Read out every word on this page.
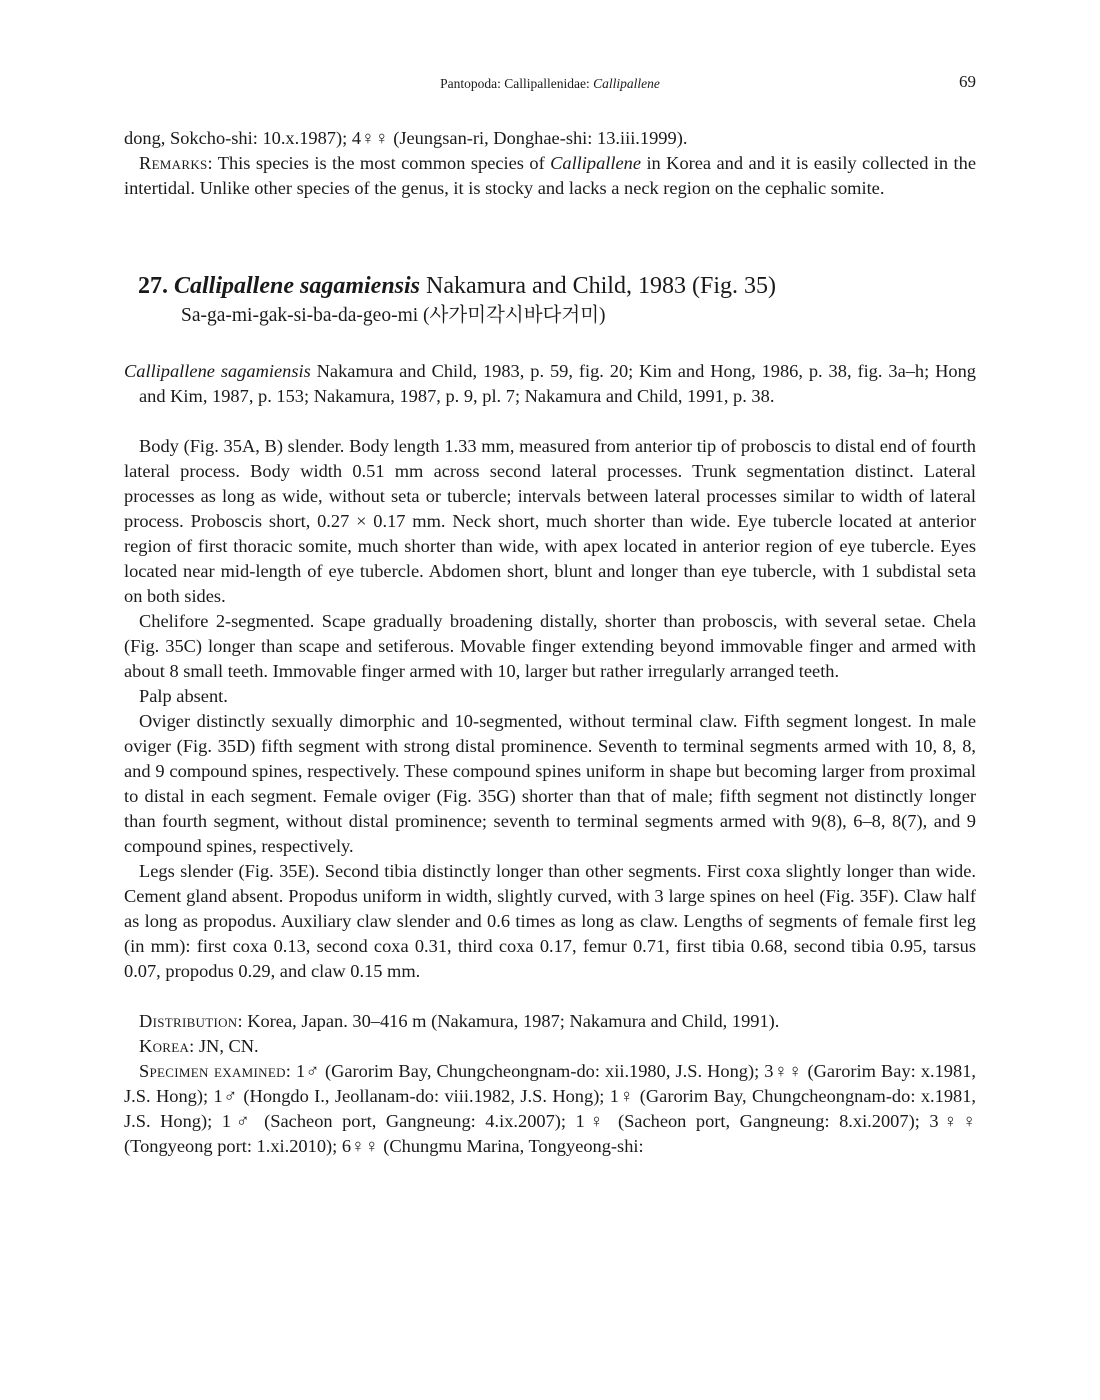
Pantopoda: Callipallenidae: Callipallene	69

dong, Sokcho-shi: 10.x.1987); 4♀♀ (Jeungsan-ri, Donghae-shi: 13.iii.1999).

Remarks: This species is the most common species of Callipallene in Korea and and it is easily collected in the intertidal. Unlike other species of the genus, it is stocky and lacks a neck region on the cephalic somite.

27. Callipallene sagamiensis Nakamura and Child, 1983 (Fig. 35)
Sa-ga-mi-gak-si-ba-da-geo-mi (사가미각시바다거미)

Callipallene sagamiensis Nakamura and Child, 1983, p. 59, fig. 20; Kim and Hong, 1986, p. 38, fig. 3a–h; Hong and Kim, 1987, p. 153; Nakamura, 1987, p. 9, pl. 7; Nakamura and Child, 1991, p. 38.

Body (Fig. 35A, B) slender. Body length 1.33 mm, measured from anterior tip of proboscis to distal end of fourth lateral process. Body width 0.51 mm across second lateral processes. Trunk segmentation distinct. Lateral processes as long as wide, without seta or tubercle; intervals between lateral processes similar to width of lateral process. Proboscis short, 0.27 × 0.17 mm. Neck short, much shorter than wide. Eye tubercle located at anterior region of first thoracic somite, much shorter than wide, with apex located in anterior region of eye tubercle. Eyes located near mid-length of eye tubercle. Abdomen short, blunt and longer than eye tubercle, with 1 subdistal seta on both sides.

Chelifore 2-segmented. Scape gradually broadening distally, shorter than proboscis, with several setae. Chela (Fig. 35C) longer than scape and setiferous. Movable finger extending beyond immovable finger and armed with about 8 small teeth. Immovable finger armed with 10, larger but rather irregularly arranged teeth.

Palp absent.

Oviger distinctly sexually dimorphic and 10-segmented, without terminal claw. Fifth segment longest. In male oviger (Fig. 35D) fifth segment with strong distal prominence. Seventh to terminal segments armed with 10, 8, 8, and 9 compound spines, respectively. These compound spines uniform in shape but becoming larger from proximal to distal in each segment. Female oviger (Fig. 35G) shorter than that of male; fifth segment not distinctly longer than fourth segment, without distal prominence; seventh to terminal segments armed with 9(8), 6–8, 8(7), and 9 compound spines, respectively.

Legs slender (Fig. 35E). Second tibia distinctly longer than other segments. First coxa slightly longer than wide. Cement gland absent. Propodus uniform in width, slightly curved, with 3 large spines on heel (Fig. 35F). Claw half as long as propodus. Auxiliary claw slender and 0.6 times as long as claw. Lengths of segments of female first leg (in mm): first coxa 0.13, second coxa 0.31, third coxa 0.17, femur 0.71, first tibia 0.68, second tibia 0.95, tarsus 0.07, propodus 0.29, and claw 0.15 mm.

Distribution: Korea, Japan. 30–416 m (Nakamura, 1987; Nakamura and Child, 1991).

Korea: JN, CN.

Specimen examined: 1♂ (Garorim Bay, Chungcheongnam-do: xii.1980, J.S. Hong); 3♀♀ (Garorim Bay: x.1981, J.S. Hong); 1♂ (Hongdo I., Jeollanam-do: viii.1982, J.S. Hong); 1♀ (Garorim Bay, Chungcheongnam-do: x.1981, J.S. Hong); 1♂ (Sacheon port, Gangneung: 4.ix.2007); 1♀ (Sacheon port, Gangneung: 8.xi.2007); 3♀♀ (Tongyeong port: 1.xi.2010); 6♀♀ (Chungmu Marina, Tongyeong-shi:
